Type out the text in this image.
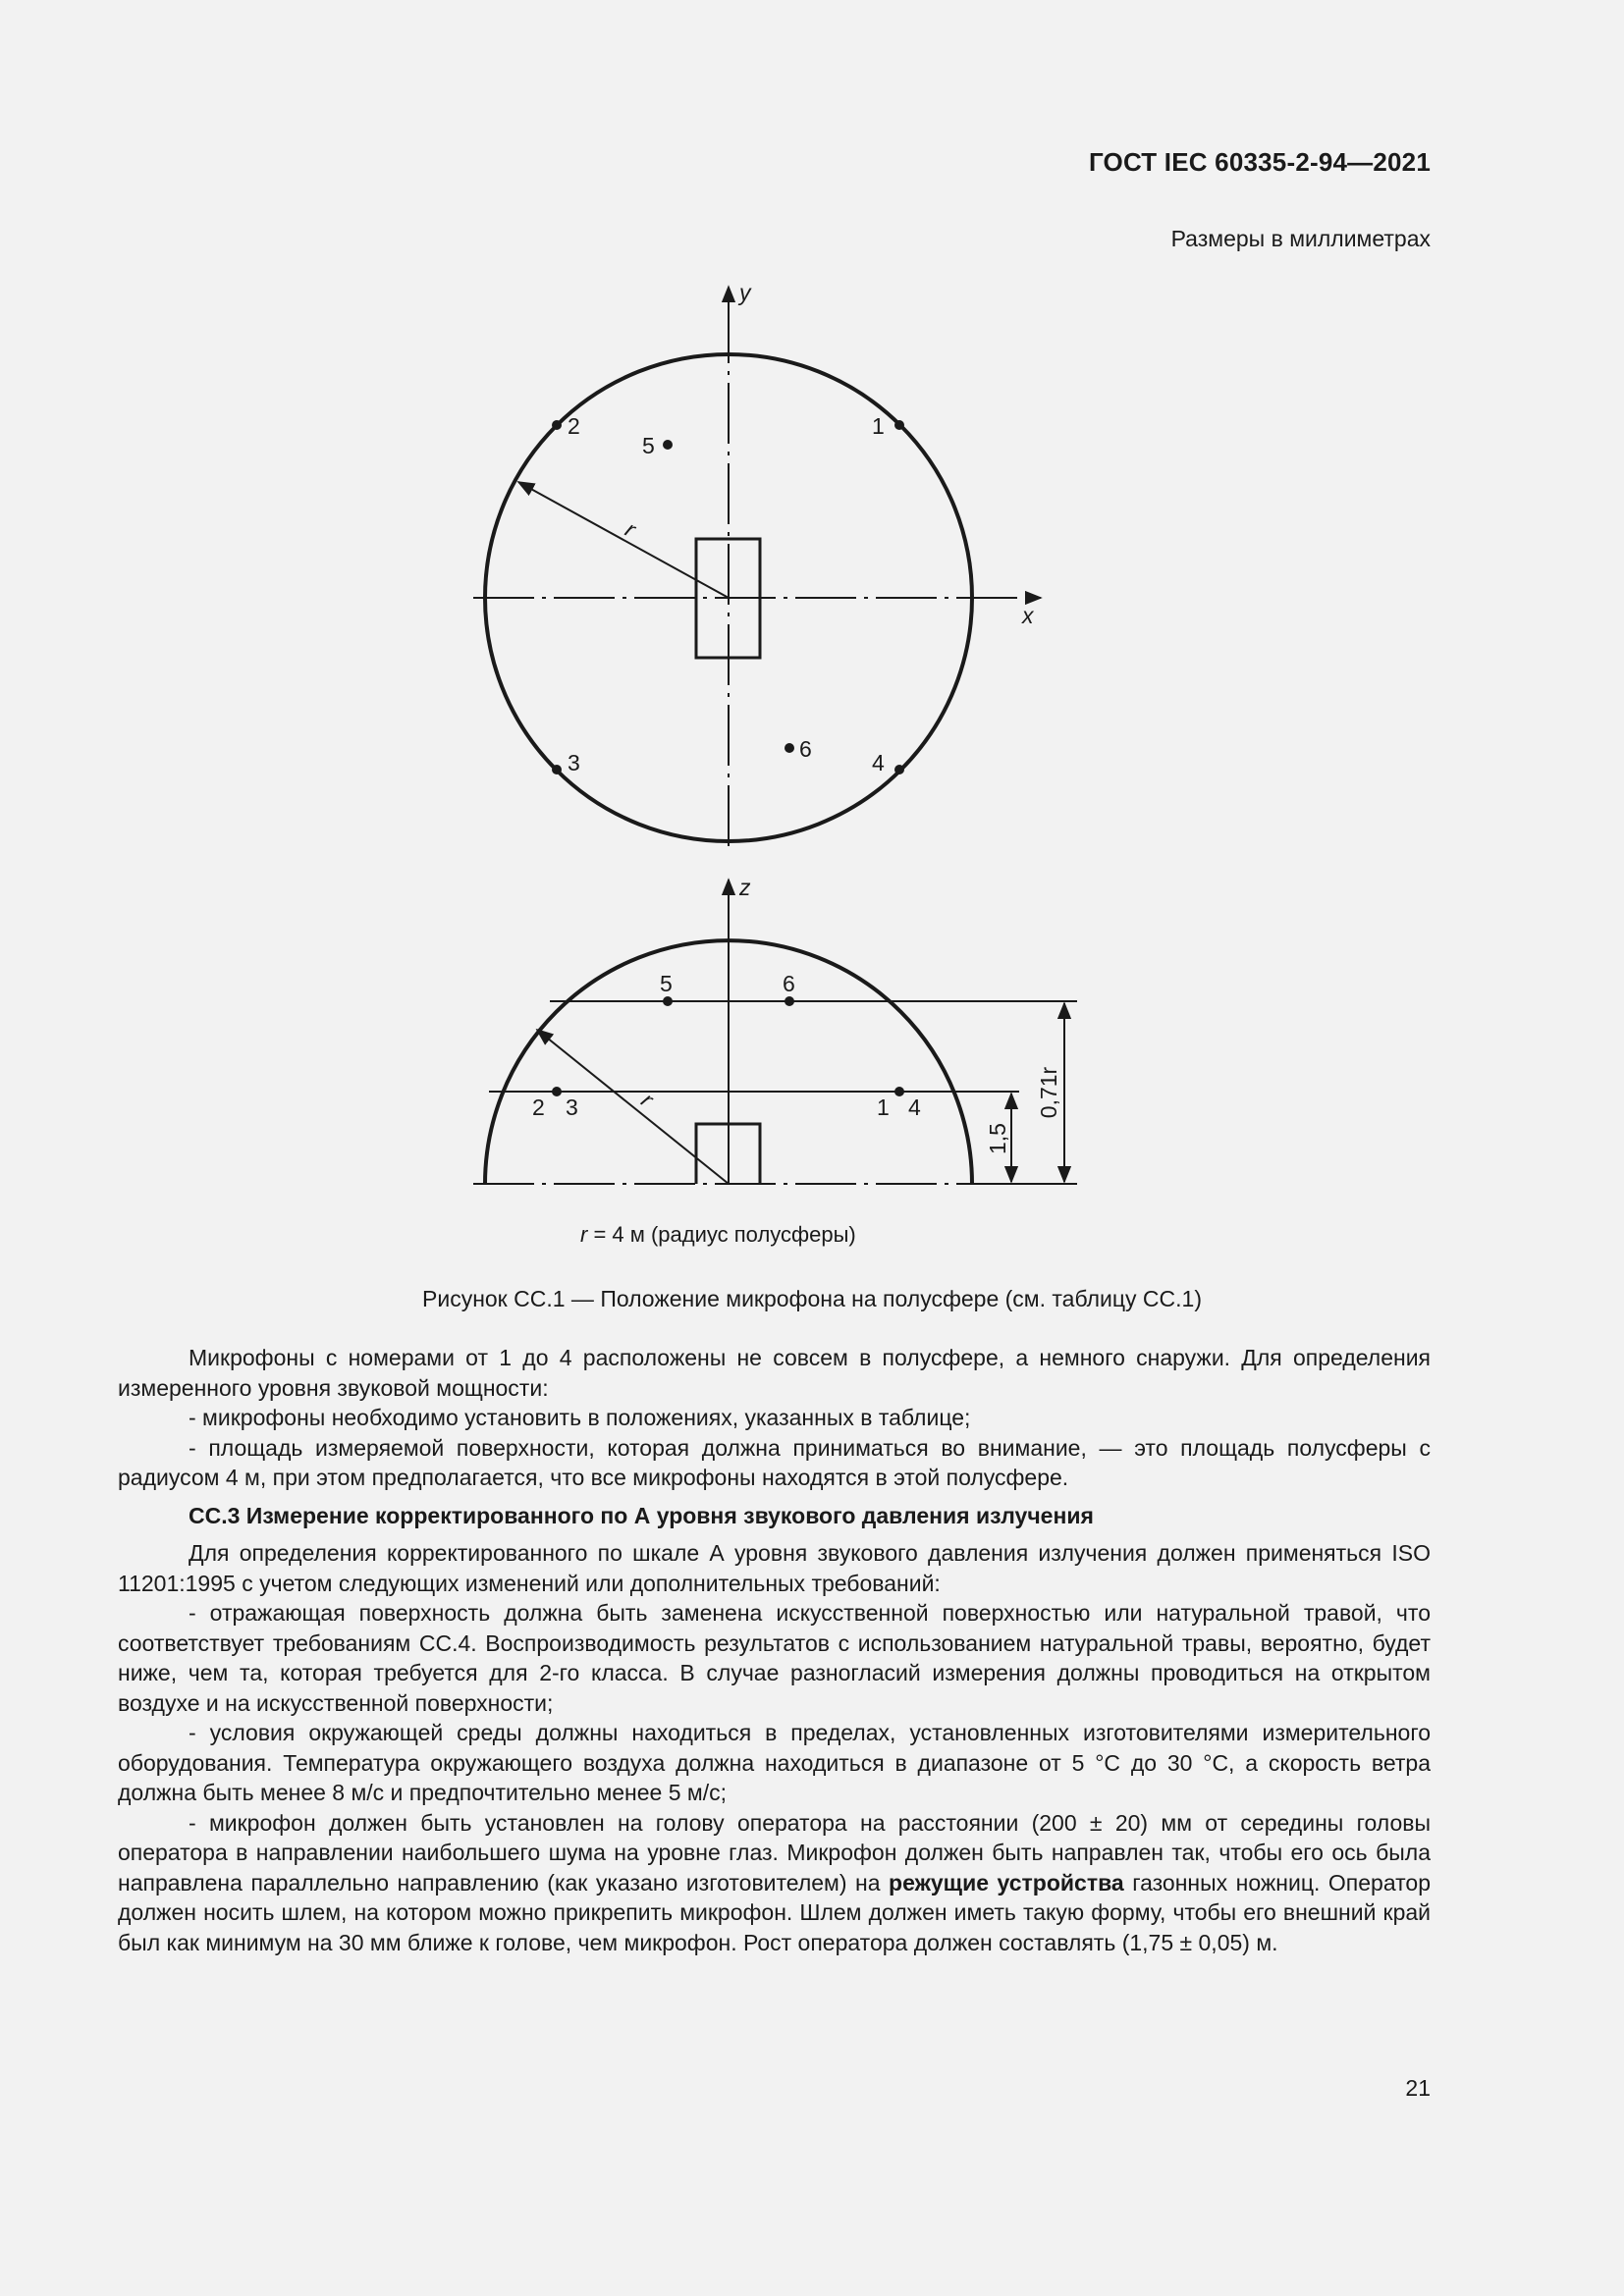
ГОСТ IEC 60335-2-94—2021
Размеры в миллиметрах
y
x
r
1
2
3	4
5
6
z
5	6
2 3	1 4
r
1,5
0,71r
r = 4 м (радиус полусферы)
Рисунок СС.1 — Положение микрофона на полусфере (см. таблицу СС.1)

Микрофоны с номерами от 1 до 4 расположены не совсем в полусфере, а немного снаружи. Для определения измеренного уровня звуковой мощности:

- микрофоны необходимо установить в положениях, указанных в таблице;

- площадь измеряемой поверхности, которая должна приниматься во внимание, — это площадь полусферы с радиусом 4 м, при этом предполагается, что все микрофоны находятся в этой полусфере.

СС.3 Измерение корректированного по А уровня звукового давления излучения

Для определения корректированного по шкале А уровня звукового давления излучения должен применяться ISO 11201:1995 с учетом следующих изменений или дополнительных требований:

- отражающая поверхность должна быть заменена искусственной поверхностью или натуральной травой, что соответствует требованиям СС.4. Воспроизводимость результатов с использованием натуральной травы, вероятно, будет ниже, чем та, которая требуется для 2-го класса. В случае разногласий измерения должны проводиться на открытом воздухе и на искусственной поверхности;

- условия окружающей среды должны находиться в пределах, установленных изготовителями измерительного оборудования. Температура окружающего воздуха должна находиться в диапазоне от 5 °С до 30 °С, а скорость ветра должна быть менее 8 м/с и предпочтительно менее 5 м/с;

- микрофон должен быть установлен на голову оператора на расстоянии (200 ± 20) мм от середины головы оператора в направлении наибольшего шума на уровне глаз. Микрофон должен быть направлен так, чтобы его ось была направлена параллельно направлению (как указано изготовителем) на режущие устройства газонных ножниц. Оператор должен носить шлем, на котором можно прикрепить микрофон. Шлем должен иметь такую форму, чтобы его внешний край был как минимум на 30 мм ближе к голове, чем микрофон. Рост оператора должен составлять (1,75 ± 0,05) м.

21
